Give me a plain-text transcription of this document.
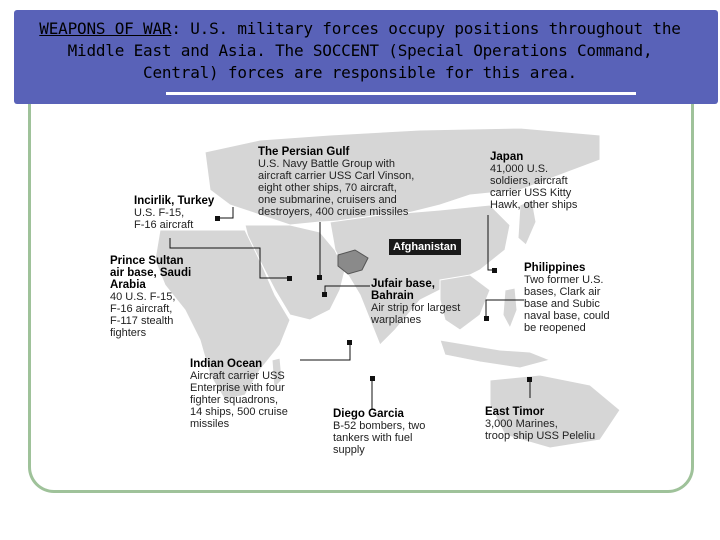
WEAPONS OF WAR: U.S. military forces occupy positions throughout the Middle East and Asia. The SOCCENT (Special Operations Command, Central) forces are responsible for this area.
The Persian Gulf
U.S. Navy Battle Group with
aircraft carrier USS Carl Vinson,
eight other ships, 70 aircraft,
one submarine, cruisers and
destroyers, 400 cruise missiles
Japan
41,000 U.S.
soldiers, aircraft
carrier USS Kitty
Hawk, other ships
Incirlik, Turkey
U.S. F-15,
F-16 aircraft
Afghanistan
Prince Sultan
air base, Saudi
Arabia
40 U.S. F-15,
F-16 aircraft,
F-117 stealth
fighters
Jufair base,
Bahrain
Air strip for largest
warplanes
Philippines
Two former U.S.
bases, Clark air
base and Subic
naval base, could
be reopened
Indian Ocean
Aircraft carrier USS
Enterprise with four
fighter squadrons,
14 ships, 500 cruise
missiles
Diego Garcia
B-52 bombers, two
tankers with fuel
supply
East Timor
3,000 Marines,
troop ship USS Peleliu
